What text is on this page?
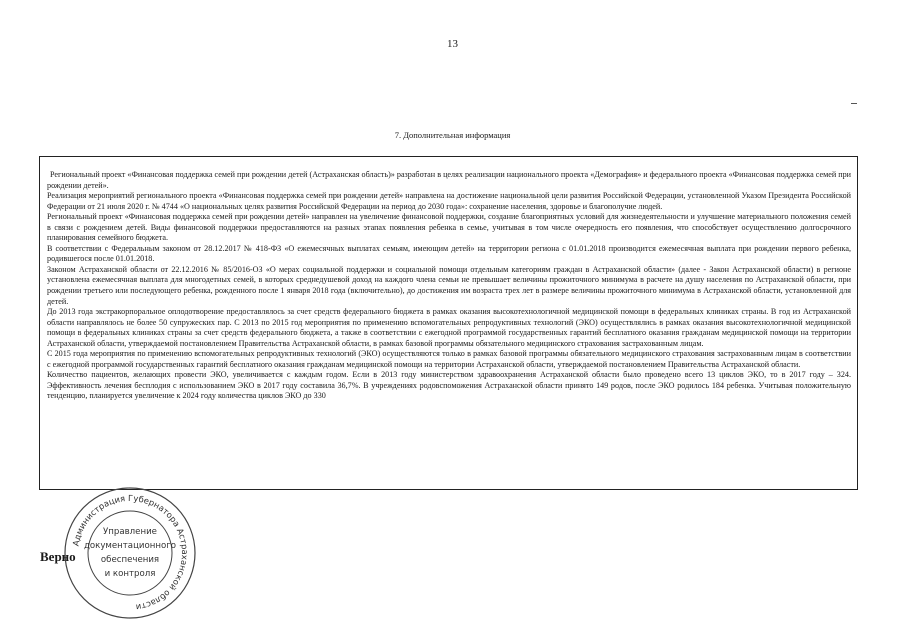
13
7. Дополнительная информация

Региональный проект «Финансовая поддержка семей при рождении детей (Астраханская область)» разработан в целях реализации национального проекта «Демография» и федерального проекта «Финансовая поддержка семей при рождении детей».

Реализация мероприятий регионального проекта «Финансовая поддержка семей при рождении детей» направлена на достижение национальной цели развития Российской Федерации, установленной Указом Президента Российской Федерации от 21 июля 2020 г. № 4744 «О национальных целях развития Российской Федерации на период до 2030 года»: сохранение населения, здоровье и благополучие людей.

Региональный проект «Финансовая поддержка семей при рождении детей» направлен на увеличение финансовой поддержки, создание благоприятных условий для жизнедеятельности и улучшение материального положения семей в связи с рождением детей. Виды финансовой поддержки предоставляются на разных этапах появления ребенка в семье, учитывая в том числе очередность его появления, что способствует осуществлению долгосрочного планирования семейного бюджета.

В соответствии с Федеральным законом от 28.12.2017 № 418-ФЗ «О ежемесячных выплатах семьям, имеющим детей» на территории региона с 01.01.2018 производится ежемесячная выплата при рождении первого ребенка, родившегося после 01.01.2018.

Законом Астраханской области от 22.12.2016 № 85/2016-ОЗ «О мерах социальной поддержки и социальной помощи отдельным категориям граждан в Астраханской области» (далее - Закон Астраханской области) в регионе установлена ежемесячная выплата для многодетных семей, в которых среднедушевой доход на каждого члена семьи не превышает величины прожиточного минимума в расчете на душу населения по Астраханской области, при рождении третьего или последующего ребенка, рожденного после 1 января 2018 года (включительно), до достижения им возраста трех лет в размере величины прожиточного минимума в Астраханской области, установленной для детей.

До 2013 года экстракорпоральное оплодотворение предоставлялось за счет средств федерального бюджета в рамках оказания высокотехнологичной медицинской помощи в федеральных клиниках страны. В год из Астраханской области направлялось не более 50 супружеских пар. С 2013 по 2015 год мероприятия по применению вспомогательных репродуктивных технологий (ЭКО) осуществлялись в рамках оказания высокотехнологичной медицинской помощи в федеральных клиниках страны за счет средств федерального бюджета, а также в соответствии с ежегодной программой государственных гарантий бесплатного оказания гражданам медицинской помощи на территории Астраханской области, утверждаемой постановлением Правительства Астраханской области, в рамках базовой программы обязательного медицинского страхования застрахованным лицам.

С 2015 года мероприятия по применению вспомогательных репродуктивных технологий (ЭКО) осуществляются только в рамках базовой программы обязательного медицинского страхования застрахованным лицам в соответствии с ежегодной программой государственных гарантий бесплатного оказания гражданам медицинской помощи на территории Астраханской области, утверждаемой постановлением Правительства Астраханской области.

Количество пациентов, желающих провести ЭКО, увеличивается с каждым годом. Если в 2013 году министерством здравоохранения Астраханской области было проведено всего 13 циклов ЭКО, то в 2017 году – 324. Эффективность лечения бесплодия с использованием ЭКО в 2017 году составила 36,7%. В учреждениях родовспоможения Астраханской области принято 149 родов, после ЭКО родилось 184 ребенка. Учитывая положительную тенденцию, планируется увеличение к 2024 году количества циклов ЭКО до 330

Администрация Губернатора Астраханской области
Управление
документационного
обеспечения
и контроля
Верно
